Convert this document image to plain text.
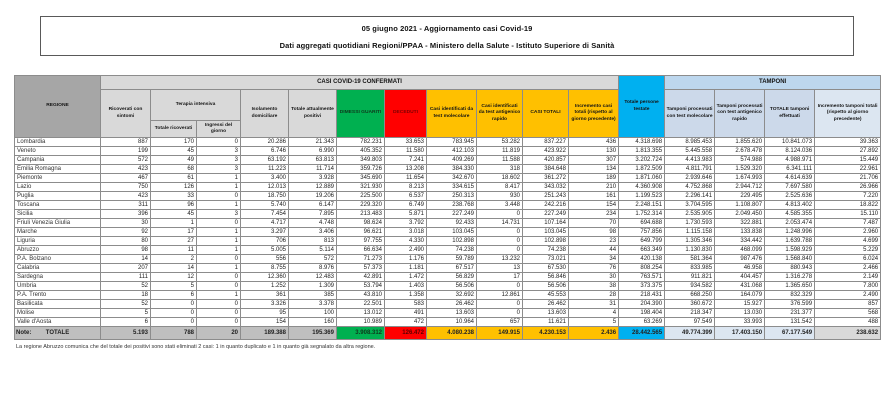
05 giugno 2021 - Aggiornamento casi Covid-19
Dati aggregati quotidiani Regioni/PPAA - Ministero della Salute - Istituto Superiore di Sanità
REGIONE	CASI COVID-19 CONFERMATI											Totale persone testate	TAMPONI			
	Ricoverati con sintomi	Terapia intensiva		Isolamento domiciliare	Totale attualmente positivi	DIMESSI GUARITI	DECEDUTI	Casi identificati da test molecolare	Casi identificati da test antigenico rapido	CASI TOTALI	Incremento casi totali (rispetto al giorno precedente)		Tamponi processati con test molecolare	Tamponi processati con test antigenico rapido	TOTALE tamponi effettuati	Incremento tamponi totali (rispetto al giorno precedente)
		Totale ricoverati	Ingressi del giorno													
Lombardia	887	170	0	20.286	21.343	782.231	33.653	783.945	53.282	837.227	436	4.318.698	8.985.453	1.855.620	10.841.073	39.363
Veneto	199	45	3	6.746	6.990	405.352	11.580	412.103	11.819	423.922	130	1.813.355	5.445.558	2.678.478	8.124.036	27.892
Campania	572	49	3	63.192	63.813	349.803	7.241	409.269	11.588	420.857	307	3.202.724	4.413.983	574.988	4.988.971	15.449
Emilia Romagna	423	68	3	11.223	11.714	359.726	13.208	384.330	318	384.648	134	1.872.509	4.811.791	1.529.320	6.341.111	22.961
Piemonte	467	61	1	3.400	3.928	345.690	11.654	342.670	18.602	361.272	189	1.871.060	2.939.646	1.674.993	4.614.639	21.706
Lazio	750	126	1	12.013	12.889	321.930	8.213	334.615	8.417	343.032	210	4.360.908	4.752.868	2.944.712	7.697.580	26.966
Puglia	423	33	0	18.750	19.206	225.500	6.537	250.313	930	251.243	161	1.199.523	2.296.141	229.495	2.525.636	7.220
Toscana	311	96	1	5.740	6.147	229.320	6.749	238.768	3.448	242.216	154	2.248.151	3.704.595	1.108.807	4.813.402	18.822
Sicilia	396	45	3	7.454	7.895	213.483	5.871	227.249	0	227.249	234	1.752.314	2.535.905	2.049.450	4.585.355	15.110
Friuli Venezia Giulia	30	1	0	4.717	4.748	98.624	3.792	92.433	14.731	107.164	70	694.688	1.730.593	322.881	2.053.474	7.487
Marche	92	17	1	3.297	3.406	96.621	3.018	103.045	0	103.045	98	757.856	1.115.158	133.838	1.248.996	2.960
Liguria	80	27	1	706	813	97.755	4.330	102.898	0	102.898	23	649.799	1.305.346	334.442	1.639.788	4.699
Abruzzo	98	11	1	5.005	5.114	66.634	2.490	74.238	0	74.238	44	663.349	1.130.830	468.099	1.598.929	5.229
P.A. Bolzano	14	2	0	556	572	71.273	1.176	59.789	13.232	73.021	34	420.138	581.364	987.476	1.568.840	6.024
Calabria	207	14	1	8.755	8.976	57.373	1.181	67.517	13	67.530	76	808.254	833.985	46.958	880.943	2.466
Sardegna	111	12	0	12.360	12.483	42.891	1.472	56.829	17	56.846	30	763.571	911.821	404.457	1.316.278	2.149
Umbria	52	5	0	1.252	1.309	53.794	1.403	56.506	0	56.506	38	373.375	934.582	431.068	1.365.650	7.800
P.A. Trento	18	6	1	361	385	43.810	1.358	32.692	12.861	45.553	28	218.431	668.250	164.079	832.329	2.490
Basilicata	52	0	0	3.326	3.378	22.501	583	26.462	0	26.462	31	204.390	360.672	15.927	376.599	857
Molise	5	0	0	95	100	13.012	491	13.603	0	13.603	4	198.404	218.347	13.030	231.377	568
Valle d'Aosta	6	0	0	154	160	10.989	472	10.964	657	11.621	5	63.269	97.549	33.993	131.542	488
TOTALE	5.193	788	20	189.388	195.369	3.908.312	126.472	4.080.238	149.915	4.230.153	2.436	28.442.565	49.774.399	17.403.150	67.177.549	238.632
Note:
La regione Abruzzo comunica che del totale dei positivi sono stati eliminati 2 casi: 1 in quanto duplicato e 1 in quanto già segnalato da altra regione.
